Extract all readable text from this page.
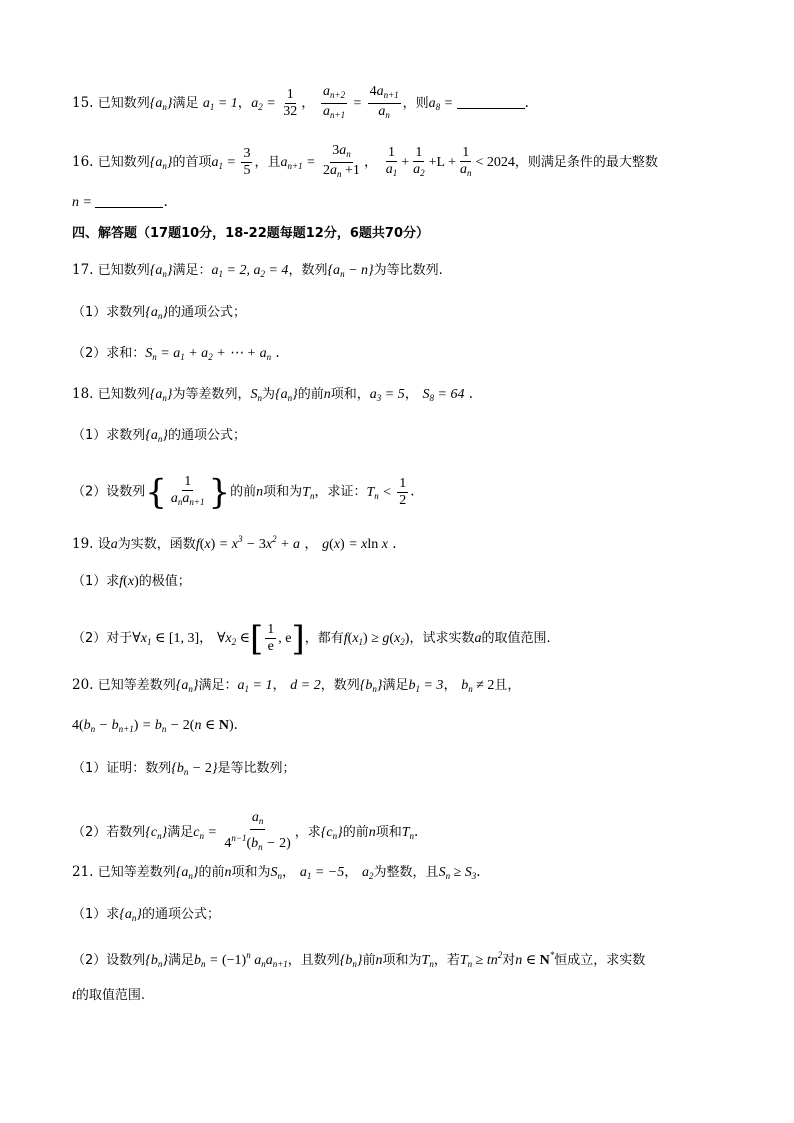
15. 已知数列$\{a_n\}$满足 $a_1 = 1$，$a_2 = \frac{1}{32}$ ， $\frac{a_{n+2}}{a_{n+1}} = \frac{4a_{n+1}}{a_n}$ ，则$a_8$ =	.
16. 已知数列$\{a_n\}$的首项$a_1 = \frac{3}{5}$ ，且$a_{n+1} = \frac{3a_n}{2a_n +1}$ ， $\frac{1}{a_1} + \frac{1}{a_2} +L + \frac{1}{a_n} < 2024$，则满足条件的最大整数
n =	.
四、解答题（17题10分，18-22题每题12分，6题共70分）
17. 已知数列$\{a_n\}$满足：$a_1 = 2$, $a_2 = 4$，数列$\{a_n - n\}$为等比数列.
（1）求数列$\{a_n\}$的通项公式；
（2）求和：$S_n = a_1 + a_2$ + ⋯ + $a_n$ .
18. 已知数列$\{a_n\}$为等差数列，$S_n$为$\{a_n\}$的前n项和，$a_3 = 5$， $S_8 = 64$ .
（1）求数列$\{a_n\}$的通项公式；
（2）设数列{ $\frac{1}{a_na_{n+1}}$ }的前n项和为$T_n$，求证：$T_n < \frac{1}{2}$ .
19. 设a为实数，函数$f(x) = x^3 - 3x^2 + a$ ， g(x) = xln x .
（1）求f(x)的极值；
（2）对于$\forall x_1$ ∈ [1, 3]， $\forall x_2$ ∈[ $\frac{1}{e}$ , e]，都有$f(x_1) \ge g(x_2)$，试求实数a的取值范围.
20. 已知等差数列$\{a_n\}$满足：$a_1 = 1$， d = 2，数列$\{b_n\}$满足$b_1 = 3$， $b_n \ne 2$且，
$4(b_n - b_{n+1}) = b_n - 2(n$ ∈ N).
（1）证明：数列$\{b_n - 2\}$是等比数列；
（2）若数列$\{c_n\}$满足$c_n = \frac{a_n}{4^{n-1}(b_n - 2)}$ ，求$\{c_n\}$的前n项和$T_n$.
21. 已知等差数列$\{a_n\}$的前n项和为$S_n$， $a_1 = -5$， $a_2$为整数，且$S_n \ge S_3$.
（1）求$\{a_n\}$的通项公式；
（2）设数列$\{b_n\}$满足$b_n = (-1)^n$ $a_na_{n+1}$，且数列$\{b_n\}$前n项和为$T_n$，若$T_n \ge tn^2$对n ∈ N*恒成立，求实数
t的取值范围.
